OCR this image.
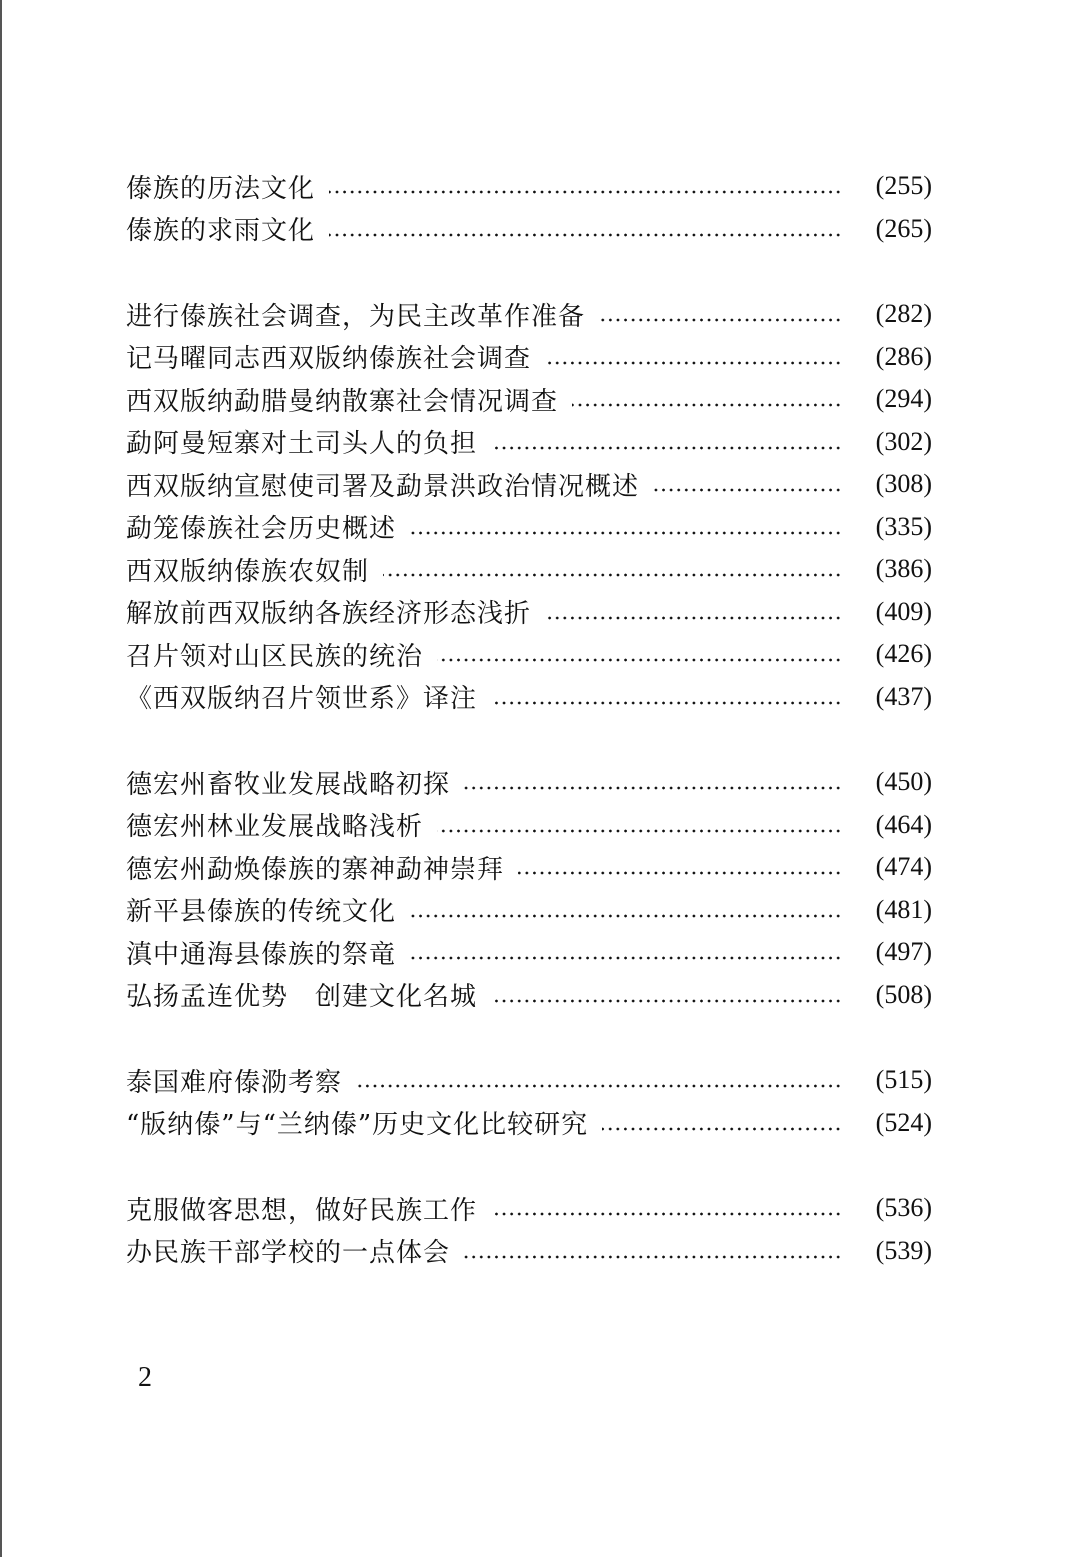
傣族的历法文化	(255)
傣族的求雨文化	(265)
进行傣族社会调查，为民主改革作准备	(282)
记马曜同志西双版纳傣族社会调查	(286)
西双版纳勐腊曼纳散寨社会情况调查	(294)
勐阿曼短寨对土司头人的负担	(302)
西双版纳宣慰使司署及勐景洪政治情况概述	(308)
勐笼傣族社会历史概述	(335)
西双版纳傣族农奴制	(386)
解放前西双版纳各族经济形态浅折	(409)
召片领对山区民族的统治	(426)
《西双版纳召片领世系》译注	(437)
德宏州畜牧业发展战略初探	(450)
德宏州林业发展战略浅析	(464)
德宏州勐焕傣族的寨神勐神崇拜	(474)
新平县傣族的传统文化	(481)
滇中通海县傣族的祭竜	(497)
弘扬孟连优势　创建文化名城	(508)
泰国难府傣泐考察	(515)
“版纳傣”与“兰纳傣”历史文化比较研究	(524)
克服做客思想，做好民族工作	(536)
办民族干部学校的一点体会	(539)
2
